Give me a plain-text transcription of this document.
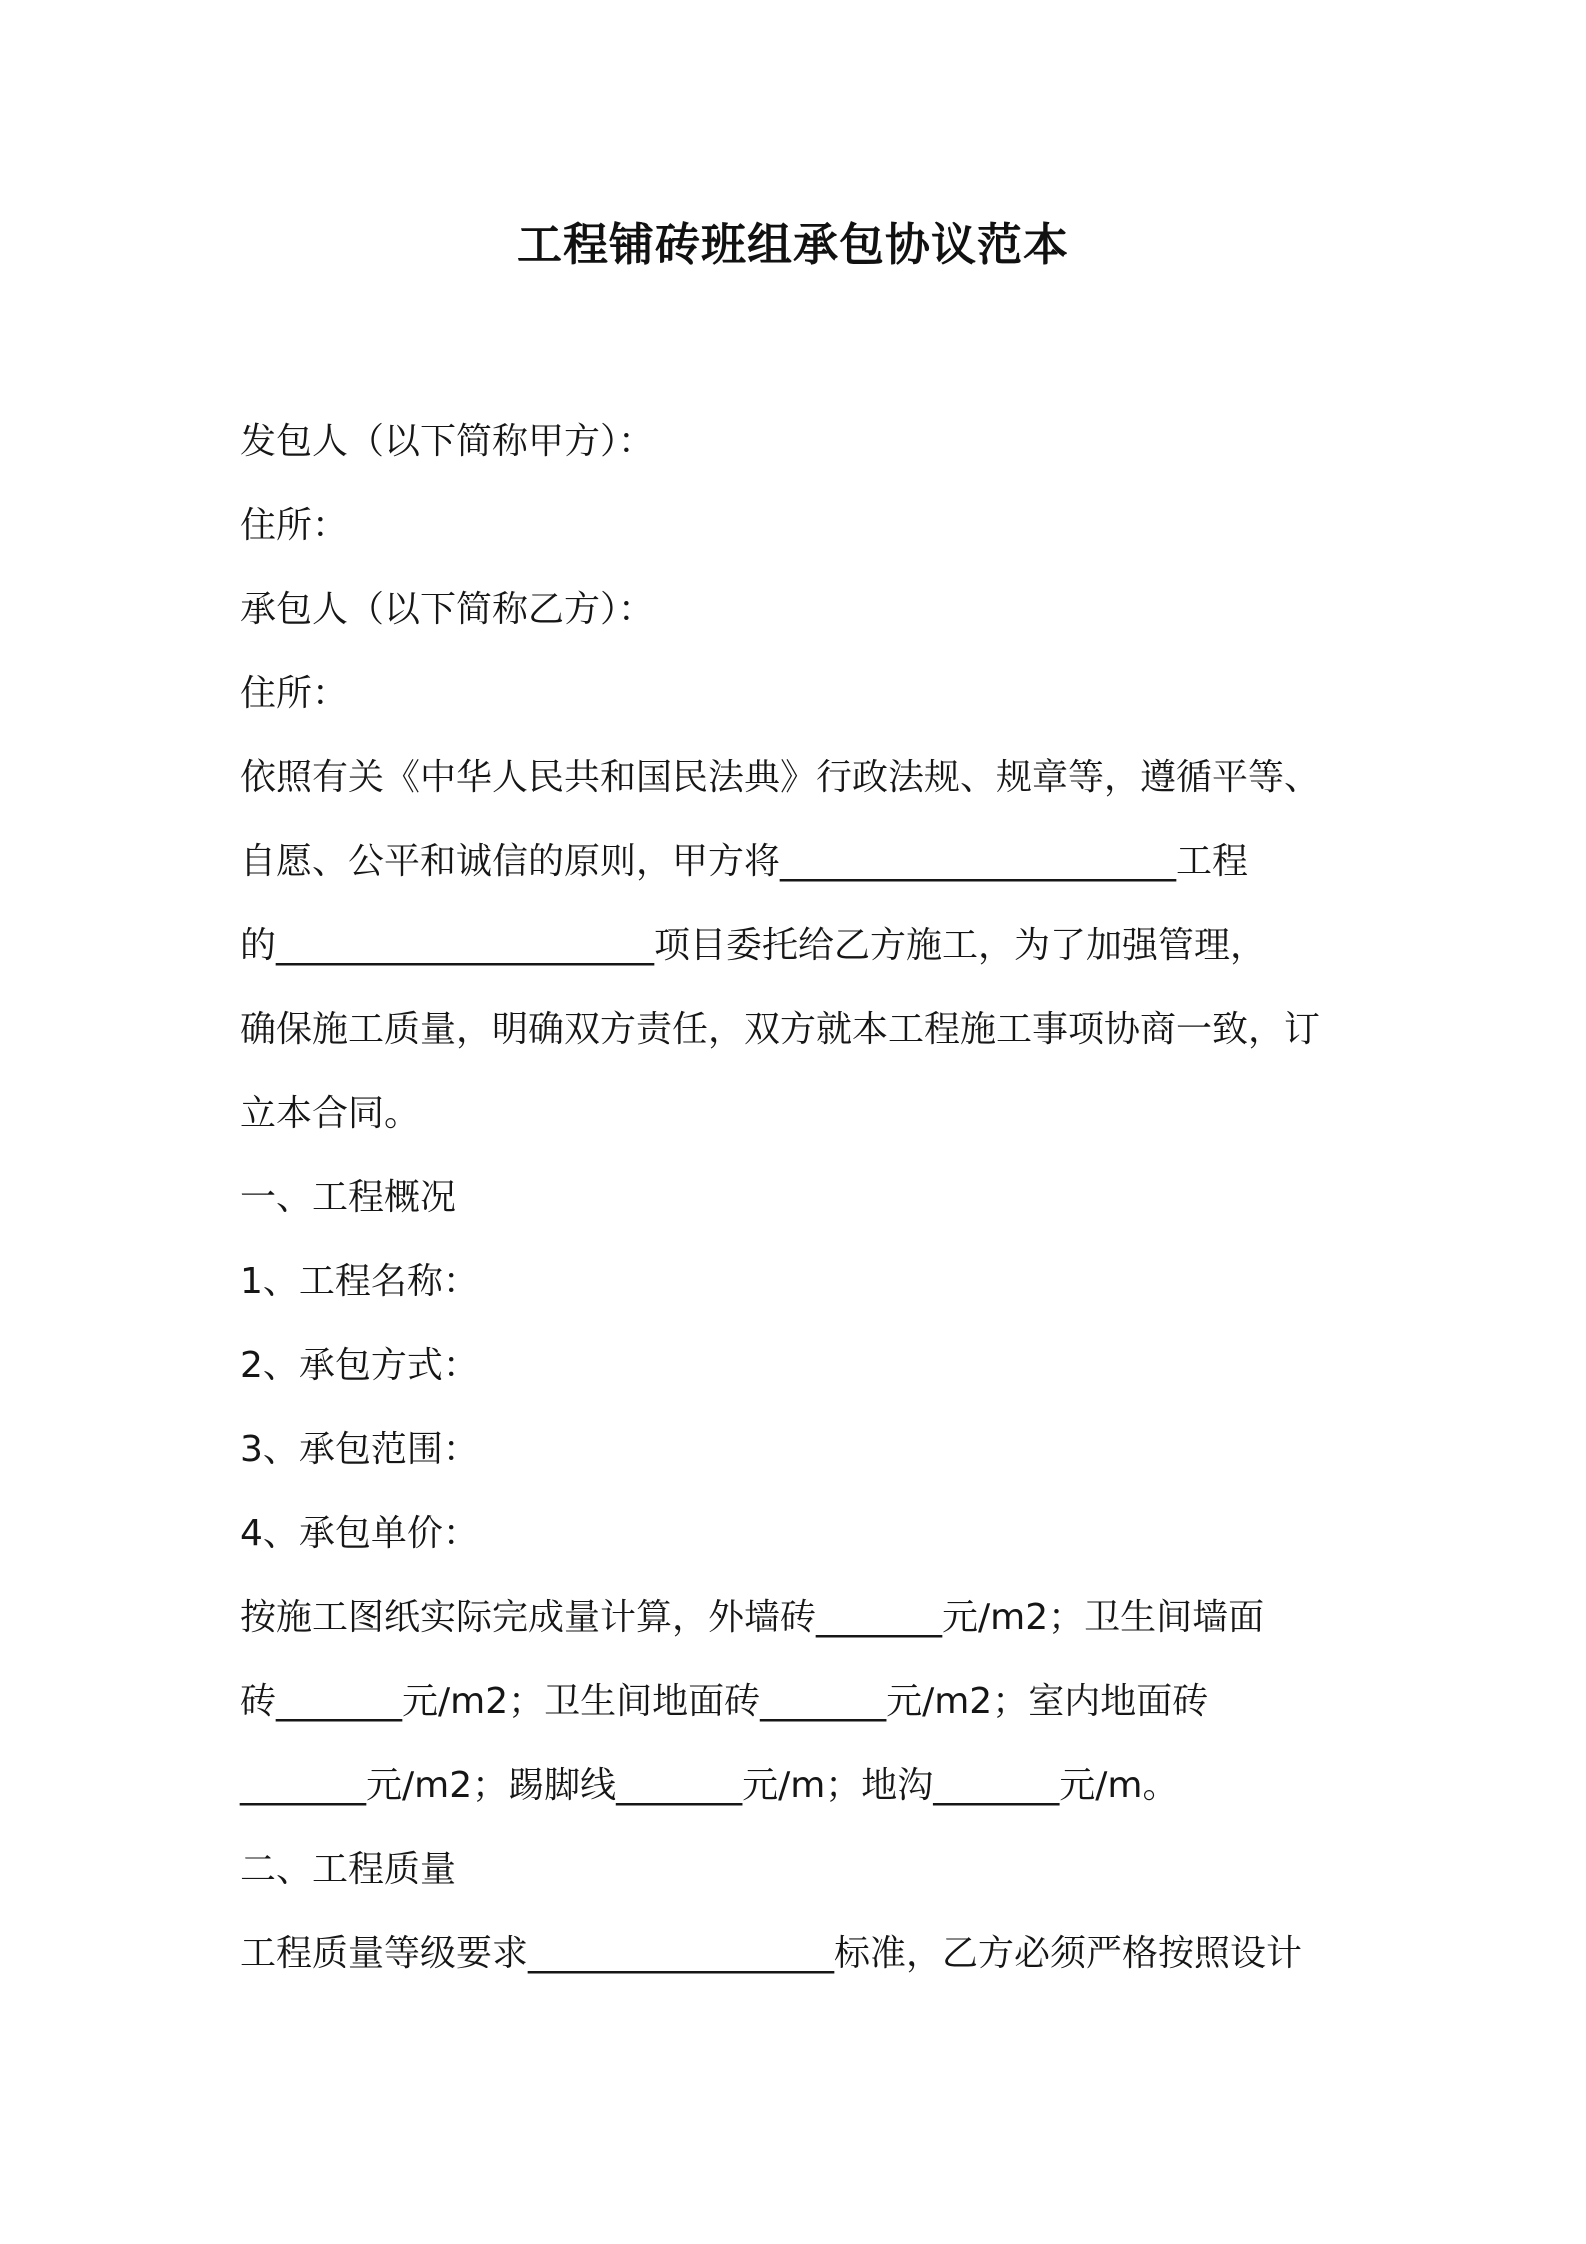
工程铺砖班组承包协议范本
发包人（以下简称甲方）：
住所：
承包人（以下简称乙方）：
住所：
依照有关《中华人民共和国民法典》行政法规、规章等，遵循平等、
自愿、公平和诚信的原则，甲方将______________________工程
的_____________________项目委托给乙方施工，为了加强管理，
确保施工质量，明确双方责任，双方就本工程施工事项协商一致，订
立本合同。
一、工程概况
1、工程名称：
2、承包方式：
3、承包范围：
4、承包单价：
按施工图纸实际完成量计算，外墙砖_______元/m2；卫生间墙面
砖_______元/m2；卫生间地面砖_______元/m2；室内地面砖
_______元/m2；踢脚线_______元/m；地沟_______元/m。
二、工程质量
工程质量等级要求_________________标准，乙方必须严格按照设计
